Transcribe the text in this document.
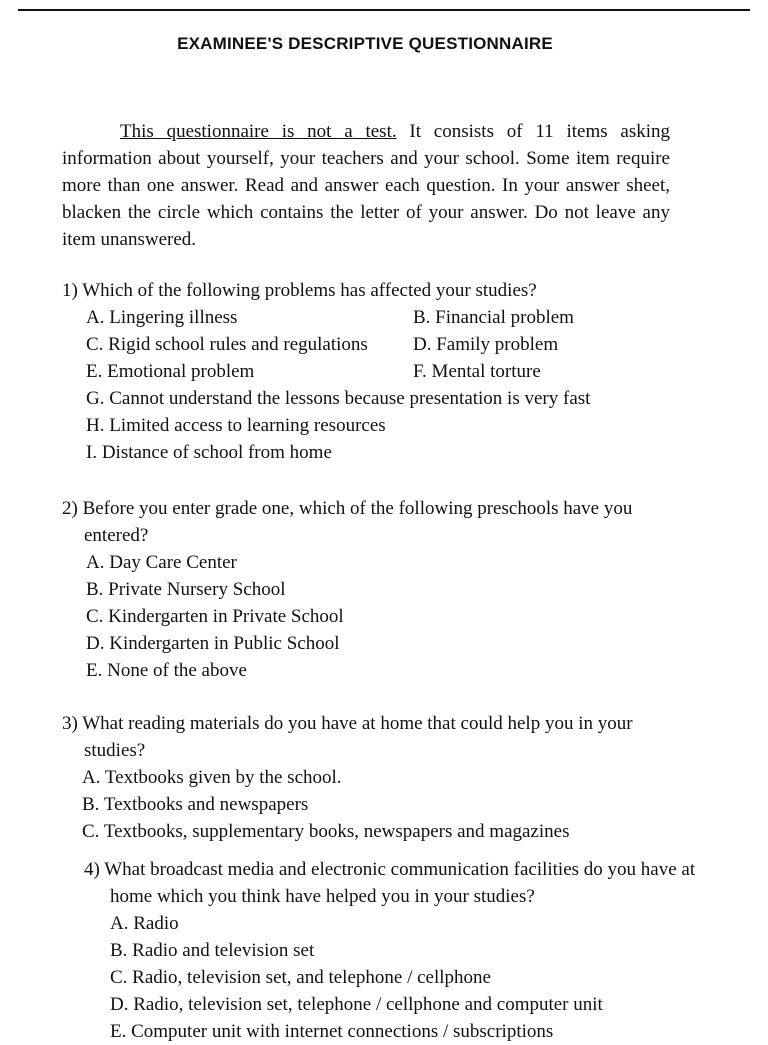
EXAMINEE'S DESCRIPTIVE QUESTIONNAIRE
This questionnaire is not a test. It consists of 11 items asking information about yourself, your teachers and your school. Some item require more than one answer. Read and answer each question. In your answer sheet, blacken the circle which contains the letter of your answer. Do not leave any item unanswered.
1) Which of the following problems has affected your studies?
A. Lingering illness	B. Financial problem
C. Rigid school rules and regulations	D. Family problem
E. Emotional problem	F. Mental torture
G. Cannot understand the lessons because presentation is very fast
H. Limited access to learning resources
I. Distance of school from home
2) Before you enter grade one, which of the following preschools have you
entered?
A. Day Care Center
B. Private Nursery School
C. Kindergarten in Private School
D. Kindergarten in Public School
E. None of the above
3) What reading materials do you have at home that could help you in your
studies?
A. Textbooks given by the school.
B. Textbooks and newspapers
C. Textbooks, supplementary books, newspapers and magazines
4) What broadcast media and electronic communication facilities do you have at
home which you think have helped you in your studies?
A. Radio
B. Radio and television set
C. Radio, television set, and telephone / cellphone
D. Radio, television set, telephone / cellphone and computer unit
E. Computer unit with internet connections / subscriptions
